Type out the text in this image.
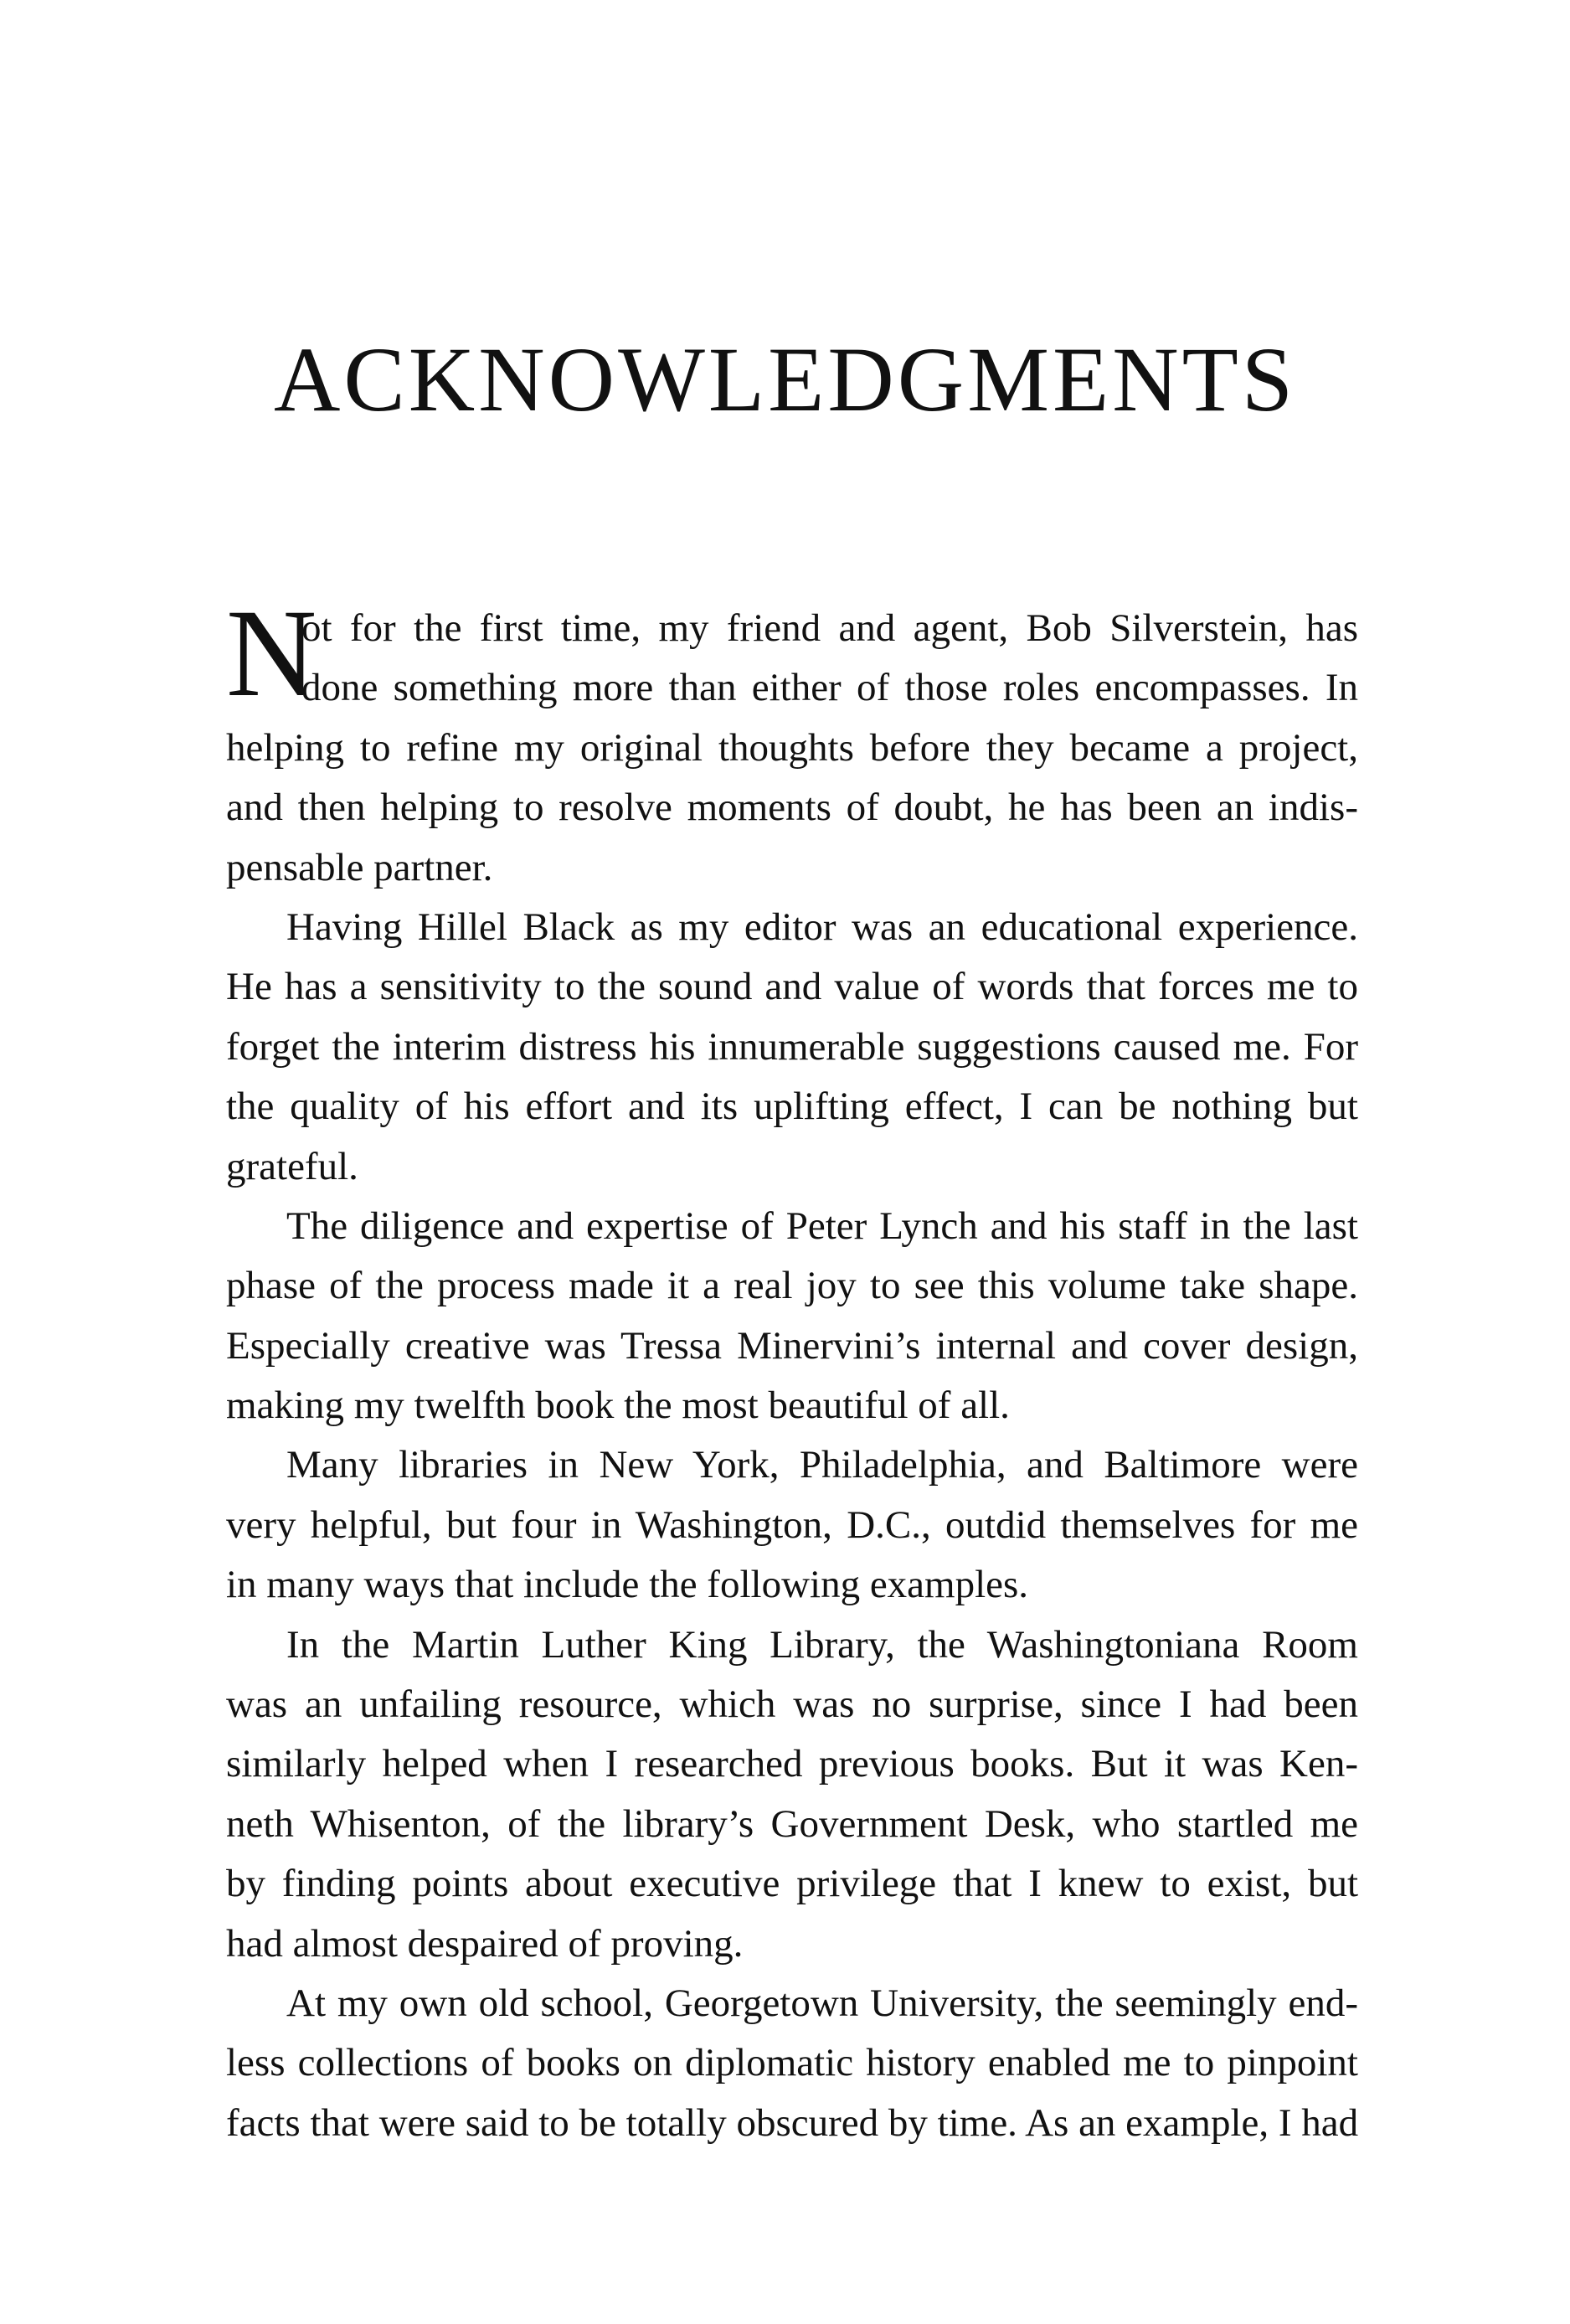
ACKNOWLEDGMENTS
N
ot for the first time, my friend and agent, Bob Silverstein, has
done something more than either of those roles encompasses. In
helping to refine my original thoughts before they became a project,
and then helping to resolve moments of doubt, he has been an indis-
pensable partner.
Having Hillel Black as my editor was an educational experience.
He has a sensitivity to the sound and value of words that forces me to
forget the interim distress his innumerable suggestions caused me. For
the quality of his effort and its uplifting effect, I can be nothing but
grateful.
The diligence and expertise of Peter Lynch and his staff in the last
phase of the process made it a real joy to see this volume take shape.
Especially creative was Tressa Minervini’s internal and cover design,
making my twelfth book the most beautiful of all.
Many libraries in New York, Philadelphia, and Baltimore were
very helpful, but four in Washington, D.C., outdid themselves for me
in many ways that include the following examples.
In the Martin Luther King Library, the Washingtoniana Room
was an unfailing resource, which was no surprise, since I had been
similarly helped when I researched previous books. But it was Ken-
neth Whisenton, of the library’s Government Desk, who startled me
by finding points about executive privilege that I knew to exist, but
had almost despaired of proving.
At my own old school, Georgetown University, the seemingly end-
less collections of books on diplomatic history enabled me to pinpoint
facts that were said to be totally obscured by time. As an example, I had
